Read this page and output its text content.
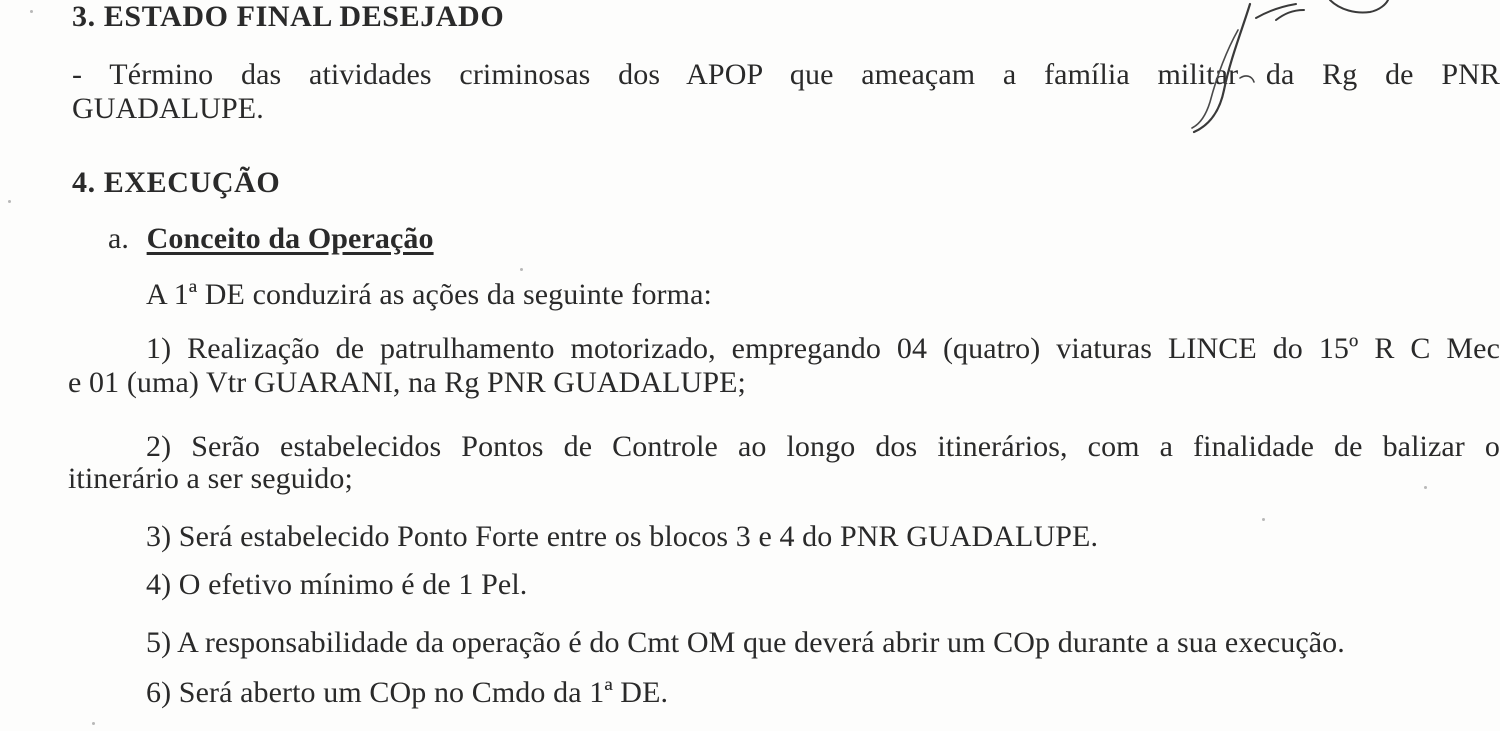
3. ESTADO FINAL DESEJADO
- Término das atividades criminosas dos APOP que ameaçam a família militar da Rg de PNR
GUADALUPE.
4. EXECUÇÃO
a. Conceito da Operação
A 1ª DE conduzirá as ações da seguinte forma:
1) Realização de patrulhamento motorizado, empregando 04 (quatro) viaturas LINCE do 15º R C Mec
e 01 (uma) Vtr GUARANI, na Rg PNR GUADALUPE;
2) Serão estabelecidos Pontos de Controle ao longo dos itinerários, com a finalidade de balizar o
itinerário a ser seguido;
3) Será estabelecido Ponto Forte entre os blocos 3 e 4 do PNR GUADALUPE.
4) O efetivo mínimo é de 1 Pel.
5) A responsabilidade da operação é do Cmt OM que deverá abrir um COp durante a sua execução.
6) Será aberto um COp no Cmdo da 1ª DE.
